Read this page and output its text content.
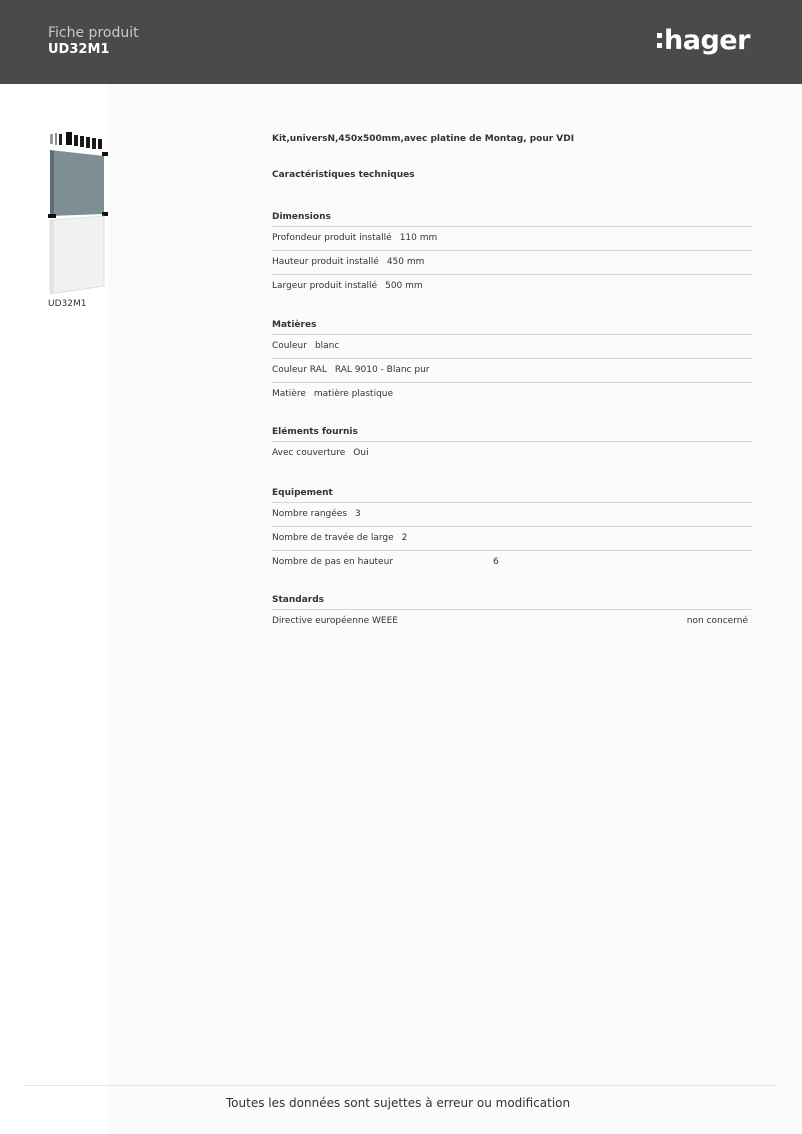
Fiche produit
UD32M1	hager
UD32M1
Kit,universN,450x500mm,avec platine de Montag, pour VDI
Caractéristiques techniques
Dimensions
Profondeur produit installé 110 mm
Hauteur produit installé 450 mm
Largeur produit installé 500 mm
Matières
Couleur blanc
Couleur RAL RAL 9010 - Blanc pur
Matière matière plastique
Eléments fournis
Avec couverture Oui
Equipement
Nombre rangées 3
Nombre de travée de large 2
Nombre de pas en hauteur	6
Standards
Directive européenne WEEE	non concerné
Toutes les données sont sujettes à erreur ou modification
